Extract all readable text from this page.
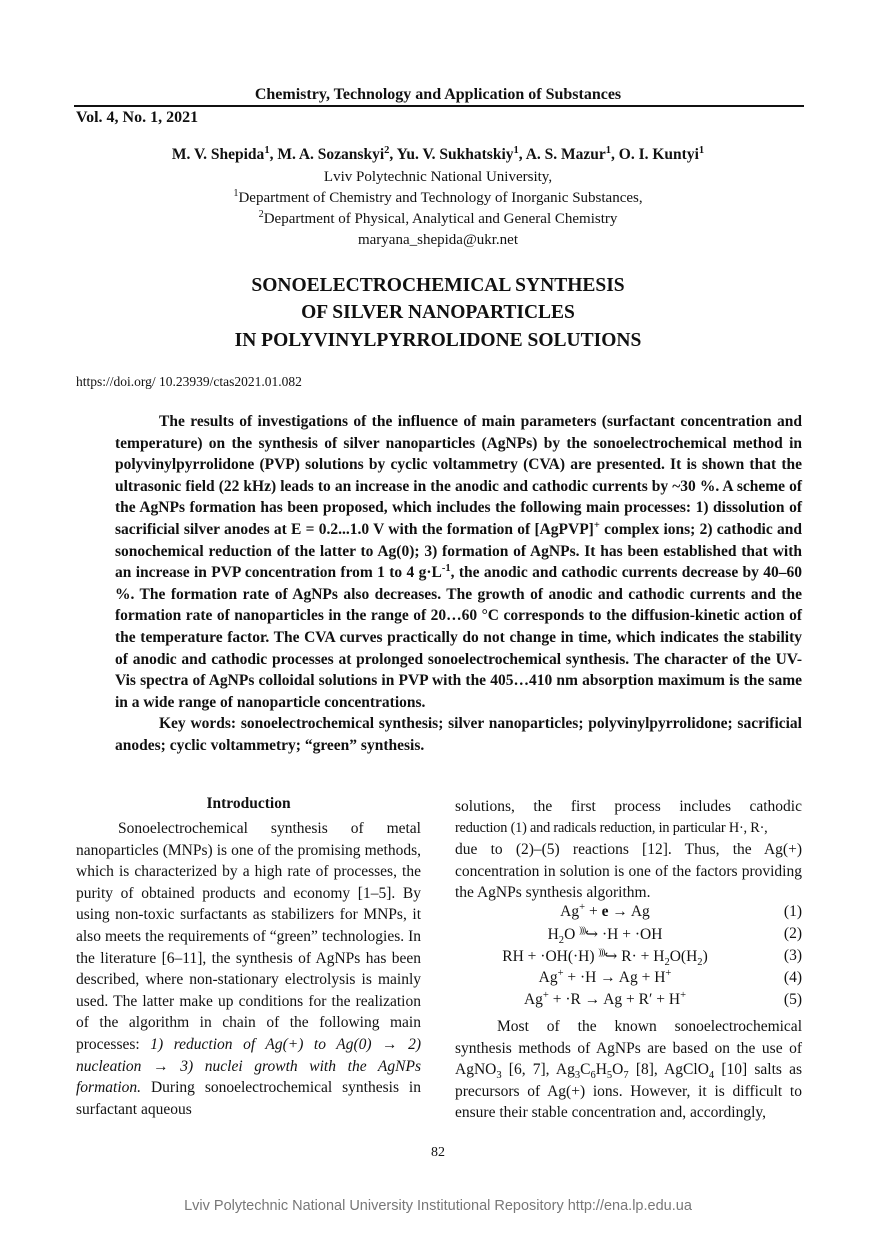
Chemistry, Technology and Application of Substances
Vol. 4, No. 1, 2021
M. V. Shepida$^1$, M. A. Sozanskyi$^2$, Yu. V. Sukhatskiy$^1$, A. S. Mazur$^1$, O. I. Kuntyi$^1$
Lviv Polytechnic National University,
$^1$Department of Chemistry and Technology of Inorganic Substances,
$^2$Department of Physical, Analytical and General Chemistry
maryana_shepida@ukr.net
SONOELECTROCHEMICAL SYNTHESIS
OF SILVER NANOPARTICLES
IN POLYVINYLPYRROLIDONE SOLUTIONS
https://doi.org/ 10.23939/ctas2021.01.082

The results of investigations of the influence of main parameters (surfactant concentration and temperature) on the synthesis of silver nanoparticles (AgNPs) by the sonoelectrochemical method in polyvinylpyrrolidone (PVP) solutions by cyclic voltammetry (CVA) are presented. It is shown that the ultrasonic field (22 kHz) leads to an increase in the anodic and cathodic currents by ~30 %. A scheme of the AgNPs formation has been proposed, which includes the following main processes: 1) dissolution of sacrificial silver anodes at E = 0.2...1.0 V with the formation of [AgPVP]+ complex ions; 2) cathodic and sonochemical reduction of the latter to Ag(0); 3) formation of AgNPs. It has been established that with an increase in PVP concentration from 1 to 4 $g\cdot L^{-1}$, the anodic and cathodic currents decrease by 40–60 %. The formation rate of AgNPs also decreases. The growth of anodic and cathodic currents and the formation rate of nanoparticles in the range of 20…60 °C corresponds to the diffusion-kinetic action of the temperature factor. The CVA curves practically do not change in time, which indicates the stability of anodic and cathodic processes at prolonged sonoelectrochemical synthesis. The character of the UV-Vis spectra of AgNPs colloidal solutions in PVP with the 405…410 nm absorption maximum is the same in a wide range of nanoparticle concentrations.

Key words: sonoelectrochemical synthesis; silver nanoparticles; polyvinylpyrrolidone; sacrificial anodes; cyclic voltammetry; “green” synthesis.

Introduction

Sonoelectrochemical synthesis of metal nanoparticles (MNPs) is one of the promising methods, which is characterized by a high rate of processes, the purity of obtained products and economy [1–5]. By using non-toxic surfactants as stabilizers for MNPs, it also meets the requirements of “green” technologies. In the literature [6–11], the synthesis of AgNPs has been described, where non-stationary electrolysis is mainly used. The latter make up conditions for the realization of the algorithm in chain of the following main processes: 1) reduction of Ag(+) to Ag(0) → 2) nucleation → 3) nuclei growth with the AgNPs formation. During sonoelectrochemical synthesis in surfactant aqueous

solutions, the first process includes cathodic

reduction (1) and radicals reduction, in particular H·, R·,

due to (2)–(5) reactions [12]. Thus, the Ag(+) concentration in solution is one of the factors providing the AgNPs synthesis algorithm.

Ag+ + e → Ag	(1)
$H_2O$ )))↪ ·H + ·OH	(2)
RH + ·OH(·H) )))↪ $R\cdot + H_2O(H_2)$	(3)
Ag+ + ·H → Ag + H+	(4)
Ag+ + ·R → Ag + R′ + H+	(5)

Most of the known sonoelectrochemical synthesis methods of AgNPs are based on the use of AgNO$_3$ [6, 7], $Ag_3C_6H_5O_7$ [8], AgClO$_4$ [10] salts as precursors of Ag(+) ions. However, it is difficult to ensure their stable concentration and, accordingly,

82
Lviv Polytechnic National University Institutional Repository http://ena.lp.edu.ua
